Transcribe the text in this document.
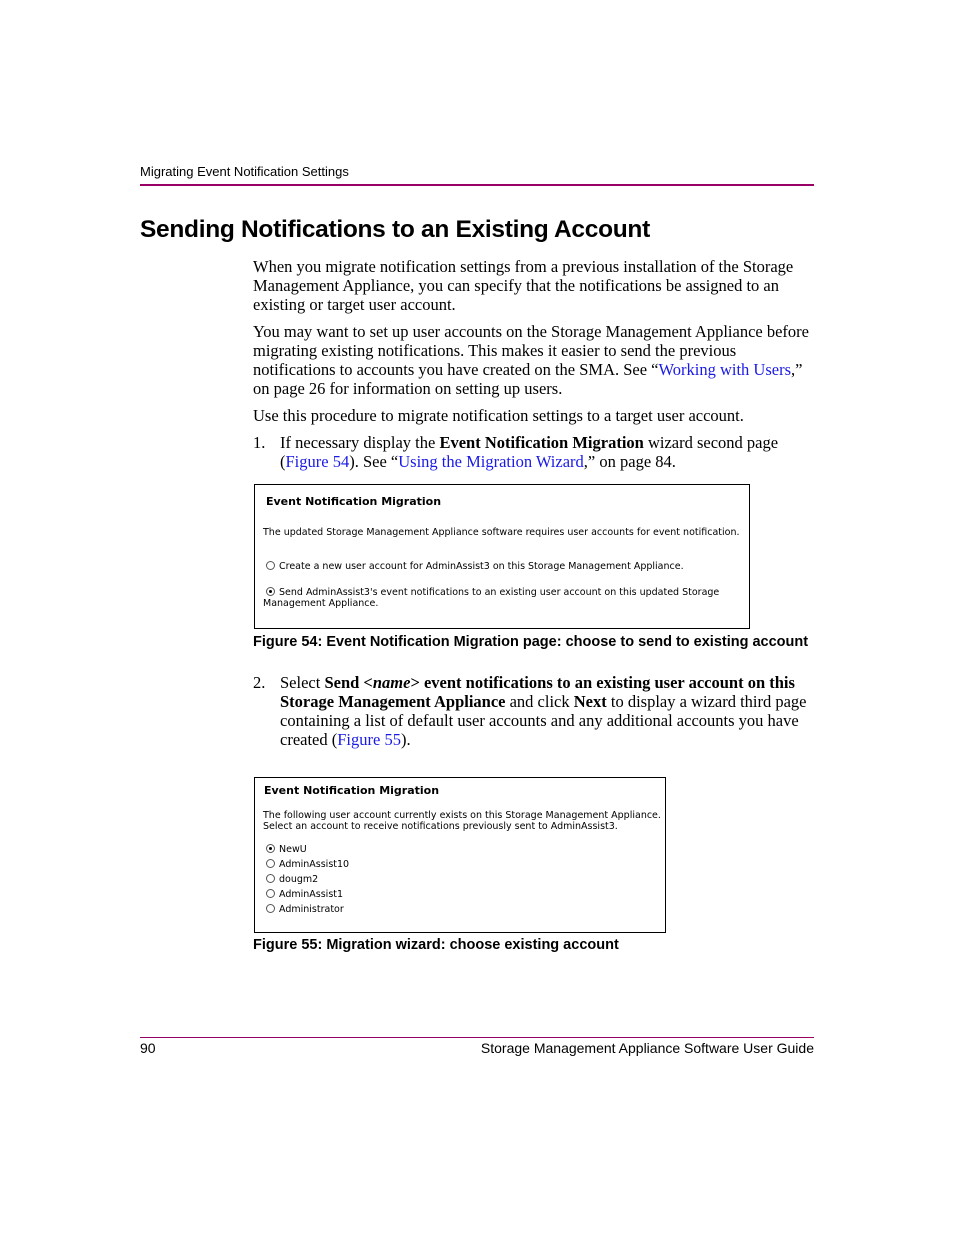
Migrating Event Notification Settings
Sending Notifications to an Existing Account

When you migrate notification settings from a previous installation of the Storage Management Appliance, you can specify that the notifications be assigned to an existing or target user account.

You may want to set up user accounts on the Storage Management Appliance before migrating existing notifications. This makes it easier to send the previous notifications to accounts you have created on the SMA. See “Working with Users,” on page 26 for information on setting up users.

Use this procedure to migrate notification settings to a target user account.

1. If necessary display the Event Notification Migration wizard second page (Figure 54). See “Using the Migration Wizard,” on page 84.
Event Notification Migration
The updated Storage Management Appliance software requires user accounts for event notification.
Create a new user account for AdminAssist3 on this Storage Management Appliance.
Send AdminAssist3's event notifications to an existing user account on this updated Storage
Management Appliance.
Figure 54: Event Notification Migration page: choose to send to existing account
2. Select Send <name> event notifications to an existing user account on this Storage Management Appliance and click Next to display a wizard third page containing a list of default user accounts and any additional accounts you have created (Figure 55).
Event Notification Migration
The following user account currently exists on this Storage Management Appliance.
Select an account to receive notifications previously sent to AdminAssist3.
NewU
AdminAssist10
dougm2
AdminAssist1
Administrator
Figure 55: Migration wizard: choose existing account
90	Storage Management Appliance Software User Guide
